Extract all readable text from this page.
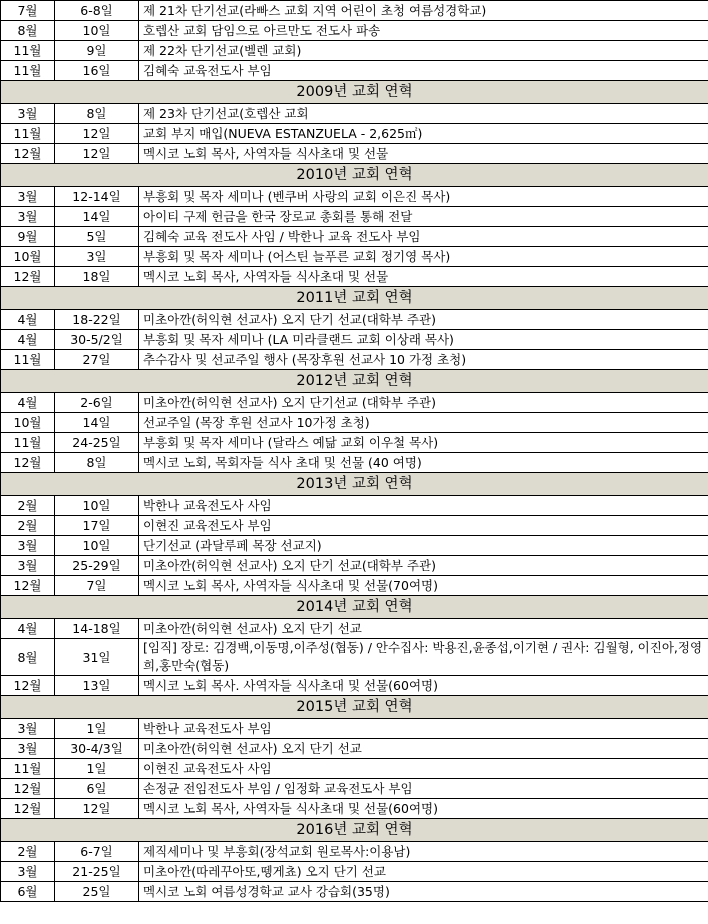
7월	6-8일	제 21차 단기선교(라빠스 교회 지역 어린이 초청 여름성경학교)
8월	10일	호렙산 교회 담임으로 아르만도 전도사 파송
11월	9일	제 22차 단기선교(벨렌 교회)
11월	16일	김혜숙 교육전도사 부임
2009년 교회 연혁		
3월	8일	제 23차 단기선교(호렙산 교회
11월	12일	교회 부지 매입(NUEVA ESTANZUELA - 2,625㎡)
12월	12일	멕시코 노회 목사, 사역자들 식사초대 및 선물
2010년 교회 연혁		
3월	12-14일	부흥회 및 목자 세미나 (벤쿠버 사랑의 교회 이은진 목사)
3월	14일	아이티 구제 헌금을 한국 장로교 총회를 통해 전달
9월	5일	김혜숙 교육 전도사 사임 / 박한나 교육 전도사 부임
10월	3일	부흥회 및 목자 세미나 (어스틴 늘푸른 교회 정기영 목사)
12월	18일	멕시코 노회 목사, 사역자들 식사초대 및 선물
2011년 교회 연혁		
4월	18-22일	미초아깐(허익현 선교사) 오지 단기 선교(대학부 주관)
4월	30-5/2일	부흥회 및 목자 세미나 (LA 미라클랜드 교회 이상래 목사)
11월	27일	추수감사 및 선교주일 행사 (목장후원 선교사 10 가정 초청)
2012년 교회 연혁		
4월	2-6일	미초아깐(허익현 선교사) 오지 단기선교 (대학부 주관)
10월	14일	선교주일 (목장 후원 선교사 10가정 초청)
11월	24-25일	부흥회 및 목자 세미나 (달라스 예닮 교회 이우철 목사)
12월	8일	멕시코 노회, 목회자들 식사 초대 및 선물 (40 여명)
2013년 교회 연혁		
2월	10일	박한나 교육전도사 사임
2월	17일	이현진 교육전도사 부임
3월	10일	단기선교 (과달루페 목장 선교지)
3월	25-29일	미초아깐(허익현 선교사) 오지 단기 선교(대학부 주관)
12월	7일	멕시코 노회 목사, 사역자들 식사초대 및 선물(70여명)
2014년 교회 연혁		
4월	14-18일	미초아깐(허익현 선교사) 오지 단기 선교
8월	31일	[임직] 장로: 김경백,이동명,이주성(협동) / 안수집사: 박용진,윤종섭,이기현 / 권사: 김월형, 이진아,정영희,홍만숙(협동)
12월	13일	멕시코 노회 목사. 사역자들 식사초대 및 선물(60여명)
2015년 교회 연혁		
3월	1일	박한나 교육전도사 부임
3월	30-4/3일	미초아깐(허익현 선교사) 오지 단기 선교
11월	1일	이현진 교육전도사 사임
12월	6일	손정균 전임전도사 부임 / 임정화 교육전도사 부임
12월	12일	멕시코 노회 목사, 사역자들 식사초대 및 선물(60여명)
2016년 교회 연혁		
2월	6-7일	제직세미나 및 부흥회(장석교회 원로목사:이용남)
3월	21-25일	미초아깐(따레꾸아또,뗑게쵸) 오지 단기 선교
6월	25일	멕시코 노회 여름성경학교 교사 강습회(35명)
